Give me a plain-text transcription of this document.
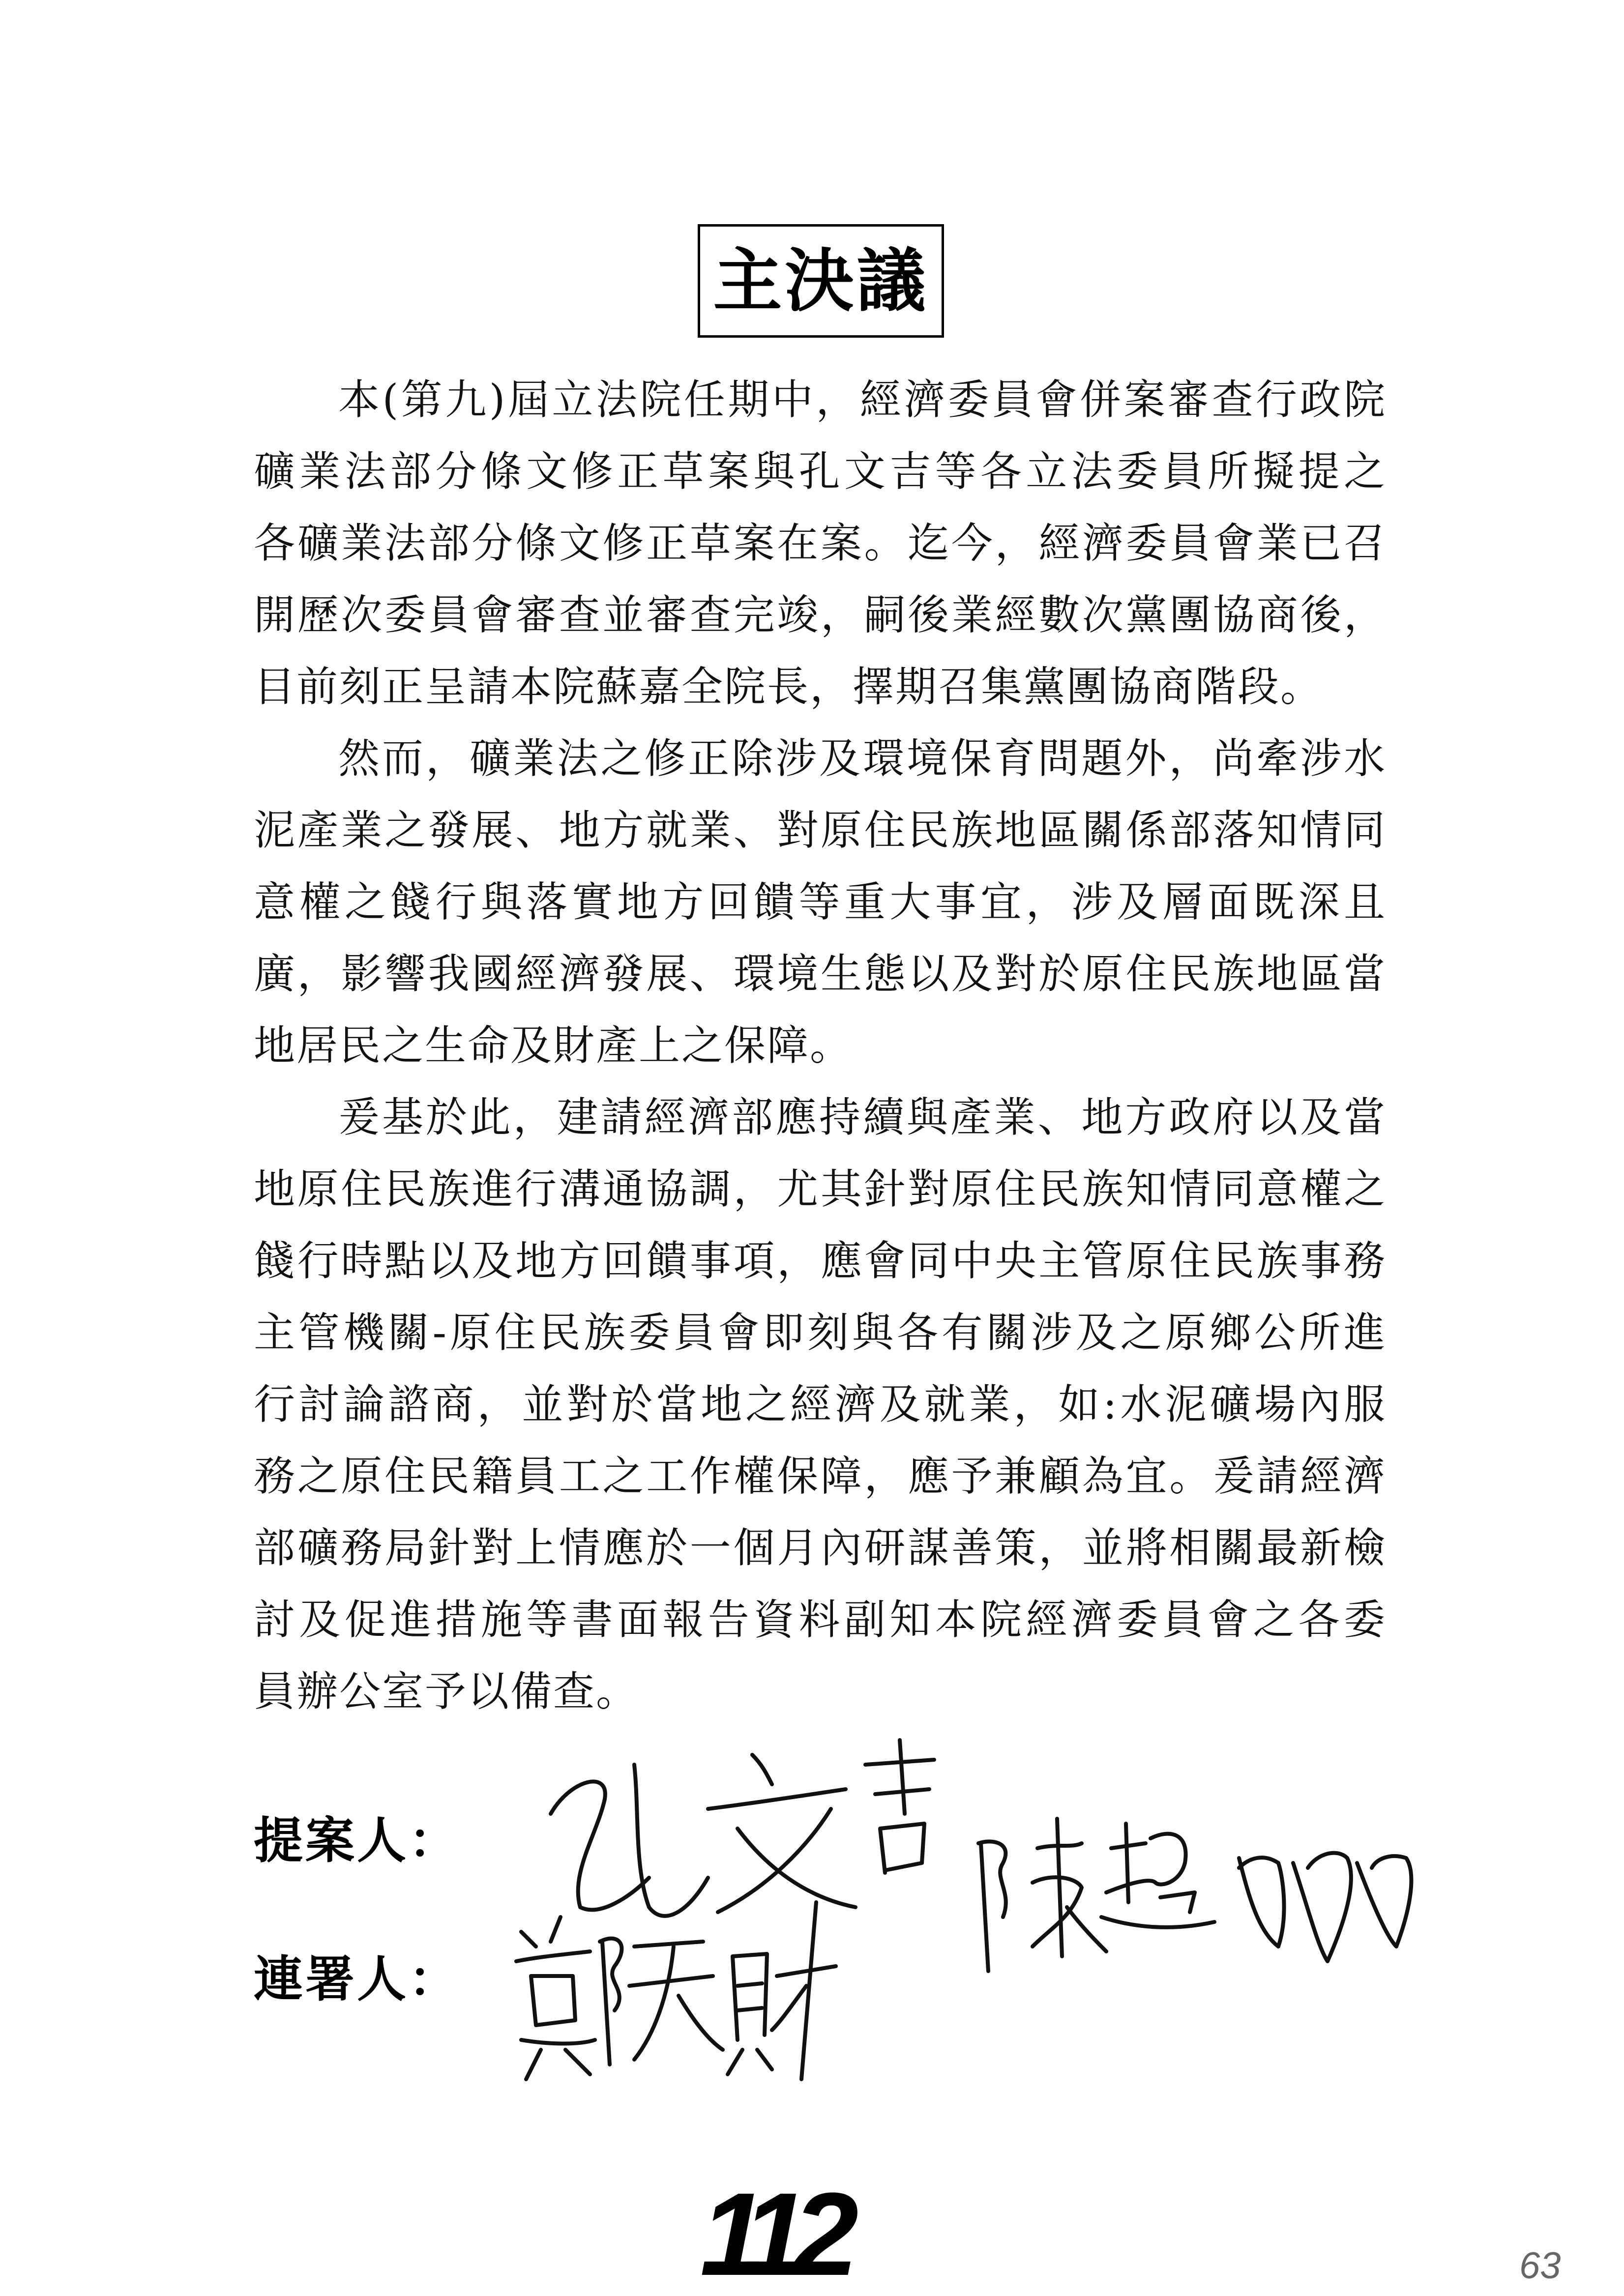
主決議
本(第九)屆立法院任期中，經濟委員會併案審查行政院
礦業法部分條文修正草案與孔文吉等各立法委員所擬提之
各礦業法部分條文修正草案在案。迄今，經濟委員會業已召
開歷次委員會審查並審查完竣，嗣後業經數次黨團協商後，
目前刻正呈請本院蘇嘉全院長，擇期召集黨團協商階段。
然而，礦業法之修正除涉及環境保育問題外，尚牽涉水
泥產業之發展、地方就業、對原住民族地區關係部落知情同
意權之餞行與落實地方回饋等重大事宜，涉及層面既深且
廣，影響我國經濟發展、環境生態以及對於原住民族地區當
地居民之生命及財產上之保障。
爰基於此，建請經濟部應持續與產業、地方政府以及當
地原住民族進行溝通協調，尤其針對原住民族知情同意權之
餞行時點以及地方回饋事項，應會同中央主管原住民族事務
主管機關-原住民族委員會即刻與各有關涉及之原鄉公所進
行討論諮商，並對於當地之經濟及就業，如:水泥礦場內服
務之原住民籍員工之工作權保障，應予兼顧為宜。爰請經濟
部礦務局針對上情應於一個月內研謀善策，並將相關最新檢
討及促進措施等書面報告資料副知本院經濟委員會之各委
員辦公室予以備查。
提案人：
連署人：
112	63
